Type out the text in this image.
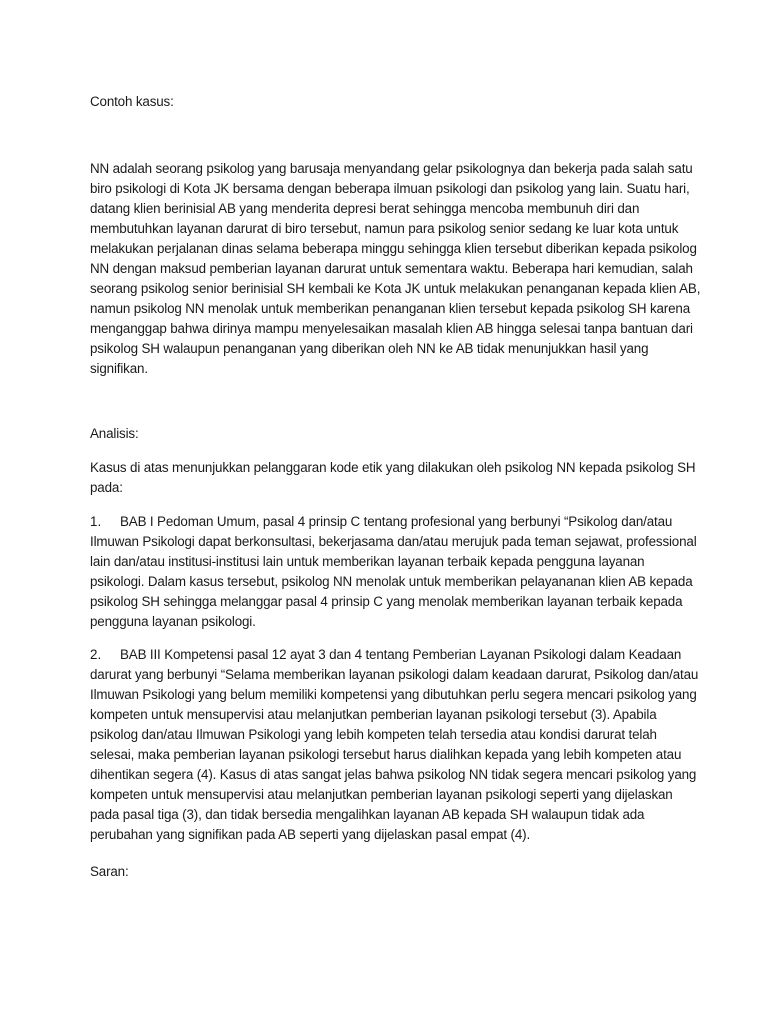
Contoh kasus:
NN adalah seorang psikolog yang barusaja menyandang gelar psikolognya dan bekerja pada salah satu
biro psikologi di Kota JK bersama dengan beberapa ilmuan psikologi dan psikolog yang lain. Suatu hari,
datang klien berinisial AB yang menderita depresi berat sehingga mencoba membunuh diri dan
membutuhkan layanan darurat di biro tersebut, namun para psikolog senior sedang ke luar kota untuk
melakukan perjalanan dinas selama beberapa minggu sehingga klien tersebut diberikan kepada psikolog
NN dengan maksud pemberian layanan darurat untuk sementara waktu. Beberapa hari kemudian, salah
seorang psikolog senior berinisial SH kembali ke Kota JK untuk melakukan penanganan kepada klien AB,
namun psikolog NN menolak untuk memberikan penanganan klien tersebut kepada psikolog SH karena
menganggap bahwa dirinya mampu menyelesaikan masalah klien AB hingga selesai tanpa bantuan dari
psikolog SH walaupun penanganan yang diberikan oleh NN ke AB tidak menunjukkan hasil yang
signifikan.
Analisis:
Kasus di atas menunjukkan pelanggaran kode etik yang dilakukan oleh psikolog NN kepada psikolog SH
pada:
1. BAB I Pedoman Umum, pasal 4 prinsip C tentang profesional yang berbunyi “Psikolog dan/atau
Ilmuwan Psikologi dapat berkonsultasi, bekerjasama dan/atau merujuk pada teman sejawat, professional
lain dan/atau institusi-institusi lain untuk memberikan layanan terbaik kepada pengguna layanan
psikologi. Dalam kasus tersebut, psikolog NN menolak untuk memberikan pelayananan klien AB kepada
psikolog SH sehingga melanggar pasal 4 prinsip C yang menolak memberikan layanan terbaik kepada
pengguna layanan psikologi.
2. BAB III Kompetensi pasal 12 ayat 3 dan 4 tentang Pemberian Layanan Psikologi dalam Keadaan
darurat yang berbunyi “Selama memberikan layanan psikologi dalam keadaan darurat, Psikolog dan/atau
Ilmuwan Psikologi yang belum memiliki kompetensi yang dibutuhkan perlu segera mencari psikolog yang
kompeten untuk mensupervisi atau melanjutkan pemberian layanan psikologi tersebut (3). Apabila
psikolog dan/atau Ilmuwan Psikologi yang lebih kompeten telah tersedia atau kondisi darurat telah
selesai, maka pemberian layanan psikologi tersebut harus dialihkan kepada yang lebih kompeten atau
dihentikan segera (4). Kasus di atas sangat jelas bahwa psikolog NN tidak segera mencari psikolog yang
kompeten untuk mensupervisi atau melanjutkan pemberian layanan psikologi seperti yang dijelaskan
pada pasal tiga (3), dan tidak bersedia mengalihkan layanan AB kepada SH walaupun tidak ada
perubahan yang signifikan pada AB seperti yang dijelaskan pasal empat (4).
Saran:
